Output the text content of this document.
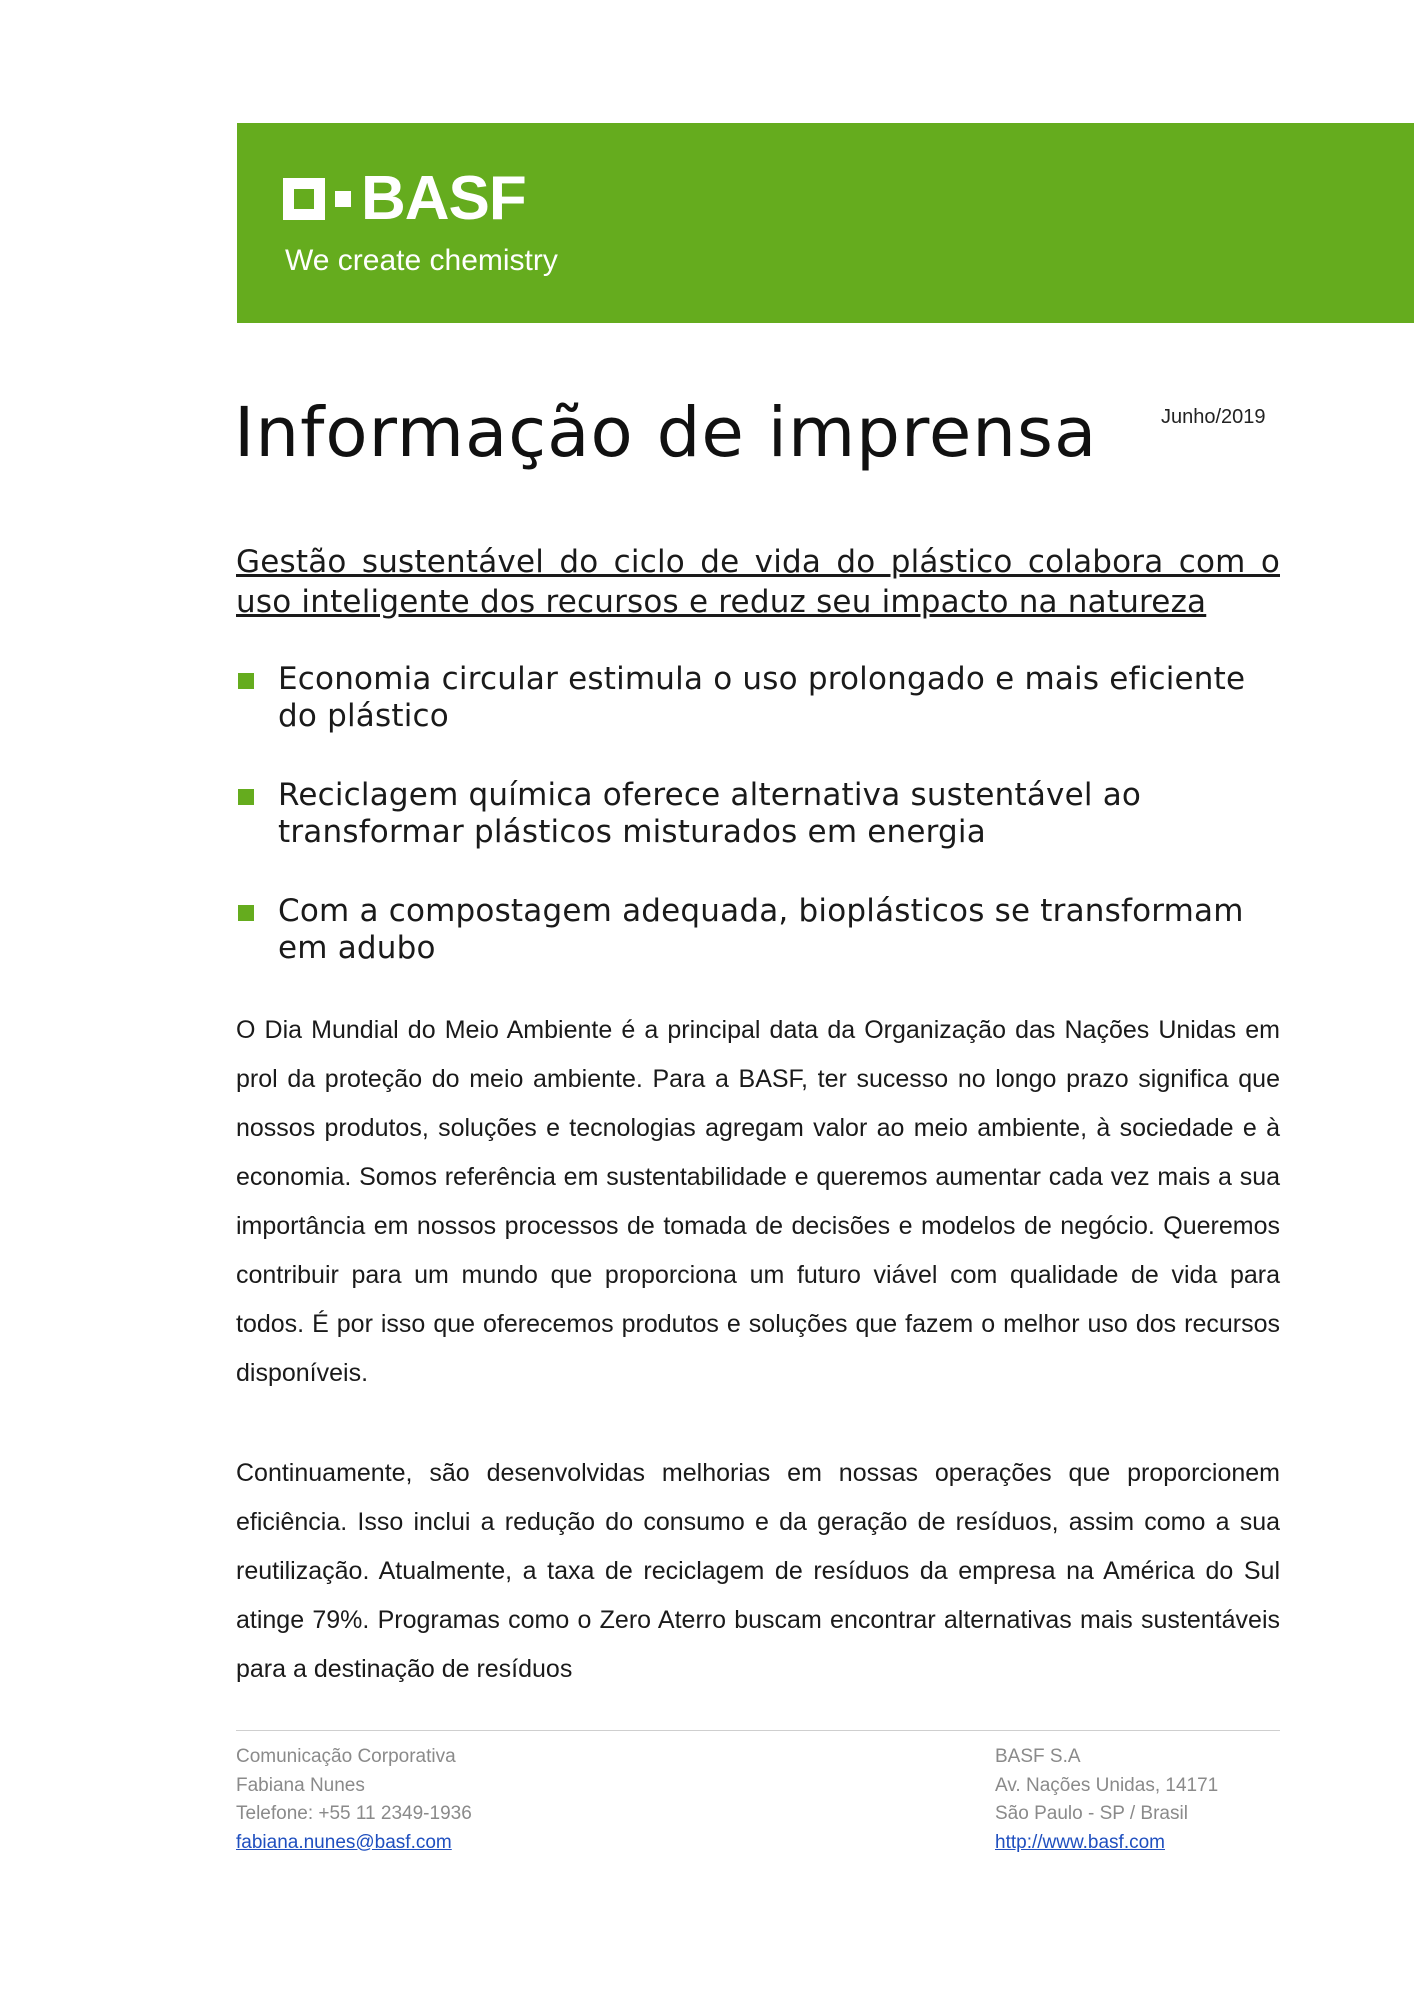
BASF
We create chemistry
Informação de imprensa	Junho/2019
Gestão sustentável do ciclo de vida do plástico colabora com o uso inteligente dos recursos e reduz seu impacto na natureza
Economia circular estimula o uso prolongado e mais eficiente do plástico
Reciclagem química oferece alternativa sustentável ao transformar plásticos misturados em energia
Com a compostagem adequada, bioplásticos se transformam em adubo

O Dia Mundial do Meio Ambiente é a principal data da Organização das Nações Unidas em prol da proteção do meio ambiente. Para a BASF, ter sucesso no longo prazo significa que nossos produtos, soluções e tecnologias agregam valor ao meio ambiente, à sociedade e à economia. Somos referência em sustentabilidade e queremos aumentar cada vez mais a sua importância em nossos processos de tomada de decisões e modelos de negócio. Queremos contribuir para um mundo que proporciona um futuro viável com qualidade de vida para todos. É por isso que oferecemos produtos e soluções que fazem o melhor uso dos recursos disponíveis.

Continuamente, são desenvolvidas melhorias em nossas operações que proporcionem eficiência. Isso inclui a redução do consumo e da geração de resíduos, assim como a sua reutilização. Atualmente, a taxa de reciclagem de resíduos da empresa na América do Sul atinge 79%. Programas como o Zero Aterro buscam encontrar alternativas mais sustentáveis para a destinação de resíduos

Comunicação Corporativa
Fabiana Nunes
Telefone: +55 11 2349-1936
fabiana.nunes@basf.com
BASF S.A
Av. Nações Unidas, 14171
São Paulo - SP / Brasil
http://www.basf.com
